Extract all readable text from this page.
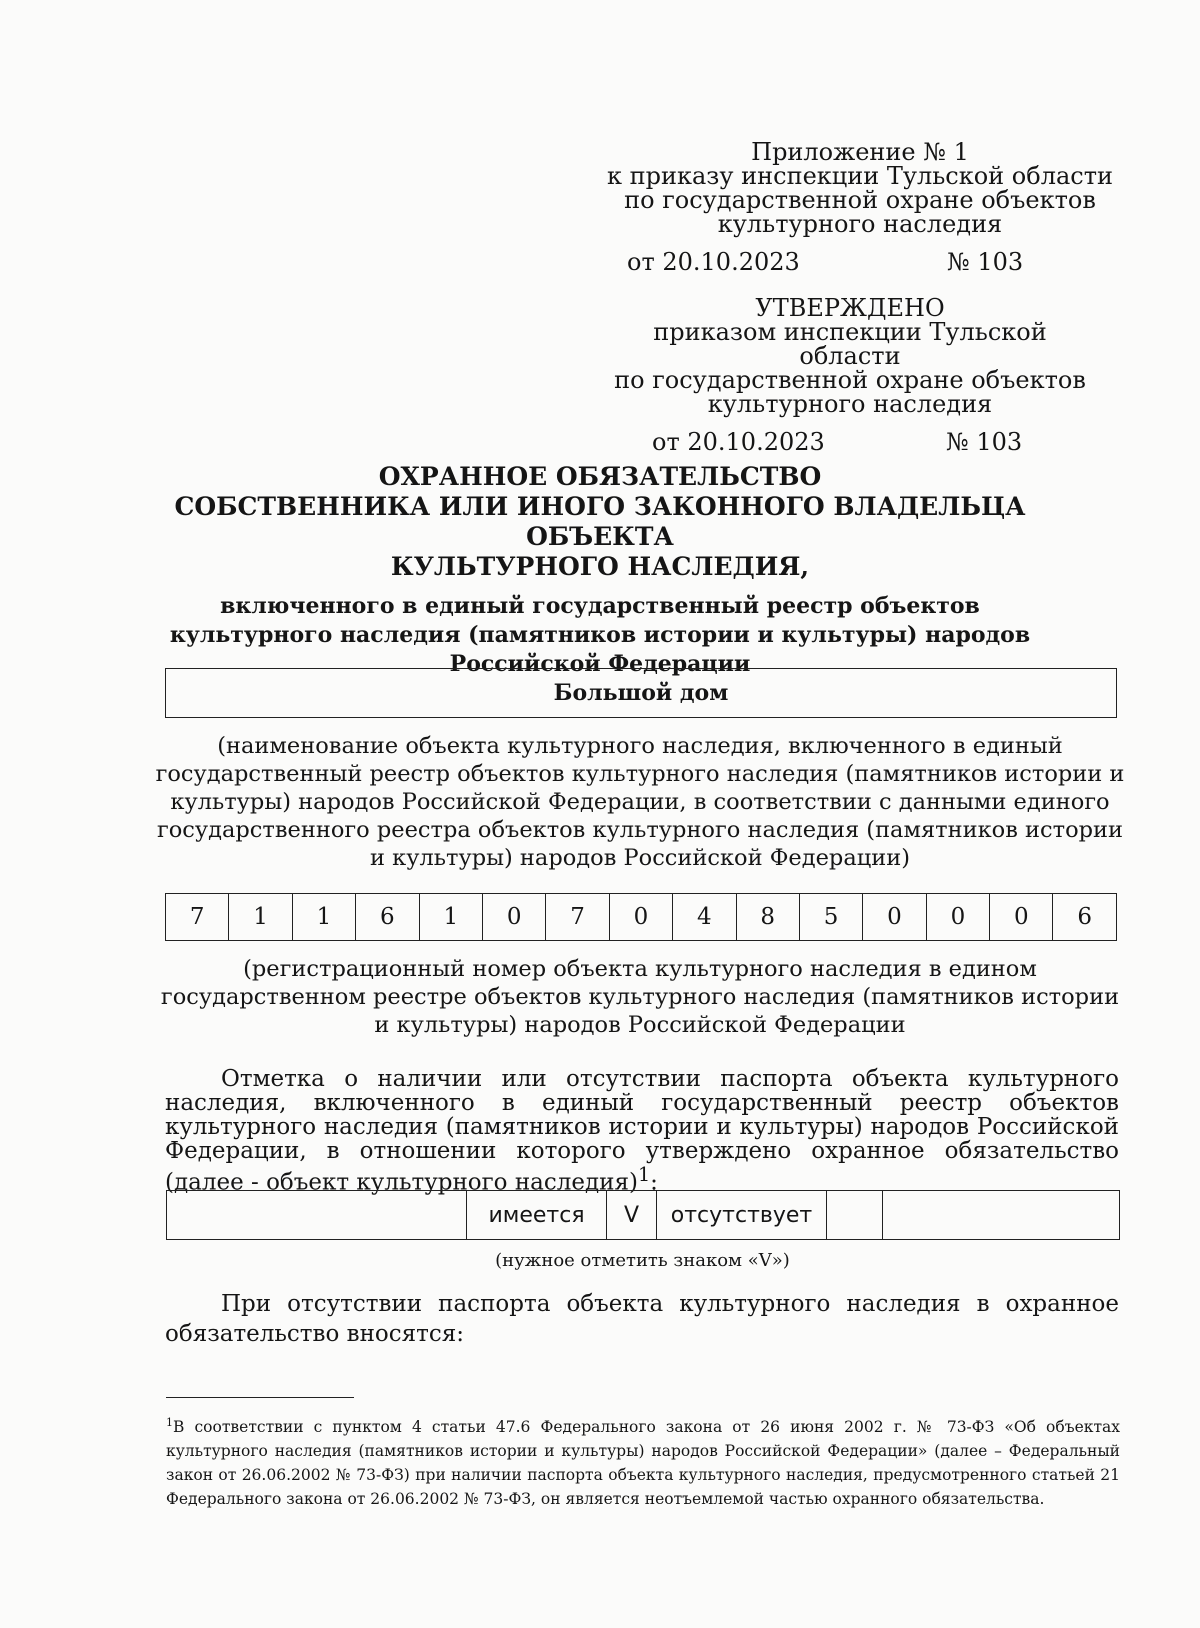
Приложение № 1
к приказу инспекции Тульской области
по государственной охране объектов
культурного наследия
от 20.10.2023	№ 103
УТВЕРЖДЕНО
приказом инспекции Тульской области
по государственной охране объектов
культурного наследия
от 20.10.2023	№ 103
ОХРАННОЕ ОБЯЗАТЕЛЬСТВО
СОБСТВЕННИКА ИЛИ ИНОГО ЗАКОННОГО ВЛАДЕЛЬЦА ОБЪЕКТА
КУЛЬТУРНОГО НАСЛЕДИЯ,
включенного в единый государственный реестр объектов культурного наследия (памятников истории и культуры) народов Российской Федерации
Большой дом
(наименование объекта культурного наследия, включенного в единый государственный реестр объектов культурного наследия (памятников истории и культуры) народов Российской Федерации, в соответствии с данными единого государственного реестра объектов культурного наследия (памятников истории и культуры) народов Российской Федерации)
7	1	1	6	1	0	7	0	4	8	5	0	0	0	6
(регистрационный номер объекта культурного наследия в едином государственном реестре объектов культурного наследия (памятников истории и культуры) народов Российской Федерации
Отметка о наличии или отсутствии паспорта объекта культурного наследия, включенного в единый государственный реестр объектов культурного наследия (памятников истории и культуры) народов Российской Федерации, в отношении которого утверждено охранное обязательство (далее - объект культурного наследия)$^1$:
	имеется	V	отсутствует		
(нужное отметить знаком «V»)
При отсутствии паспорта объекта культурного наследия в охранное обязательство вносятся:
$^1$В соответствии с пунктом 4 статьи 47.6 Федерального закона от 26 июня 2002 г. № 73-ФЗ «Об объектах культурного наследия (памятников истории и культуры) народов Российской Федерации» (далее – Федеральный закон от 26.06.2002 № 73-ФЗ) при наличии паспорта объекта культурного наследия, предусмотренного статьей 21 Федерального закона от 26.06.2002 № 73-ФЗ, он является неотъемлемой частью охранного обязательства.
